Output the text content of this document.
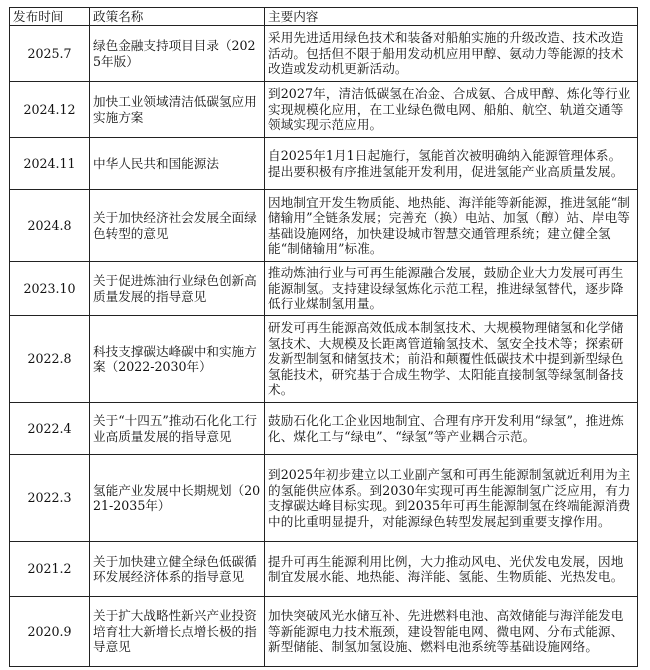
发布时间	政策名称	主要内容
2025.7	绿色金融支持项目目录（2025年版）	采用先进适用绿色技术和装备对船舶实施的升级改造、技术改造活动。包括但不限于船用发动机应用甲醇、氨动力等能源的技术改造或发动机更新活动。
2024.12	加快工业领域清洁低碳氢应用实施方案	到2027年，清洁低碳氢在冶金、合成氨、合成甲醇、炼化等行业实现规模化应用，在工业绿色微电网、船舶、航空、轨道交通等领域实现示范应用。
2024.11	中华人民共和国能源法	自2025年1月1日起施行，氢能首次被明确纳入能源管理体系。提出要积极有序推进氢能开发利用，促进氢能产业高质量发展。
2024.8	关于加快经济社会发展全面绿色转型的意见	因地制宜开发生物质能、地热能、海洋能等新能源，推进氢能“制储输用”全链条发展；完善充（换）电站、加氢（醇）站、岸电等基础设施网络，加快建设城市智慧交通管理系统；建立健全氢能“制储输用”标准。
2023.10	关于促进炼油行业绿色创新高质量发展的指导意见	推动炼油行业与可再生能源融合发展，鼓励企业大力发展可再生能源制氢。支持建设绿氢炼化示范工程，推进绿氢替代，逐步降低行业煤制氢用量。
2022.8	科技支撑碳达峰碳中和实施方案（2022-2030年）	研发可再生能源高效低成本制氢技术、大规模物理储氢和化学储氢技术、大规模及长距离管道输氢技术、氢安全技术等；探索研发新型制氢和储氢技术；前沿和颠覆性低碳技术中提到新型绿色氢能技术，研究基于合成生物学、太阳能直接制氢等绿氢制备技术。
2022.4	关于“十四五”推动石化化工行业高质量发展的指导意见	鼓励石化化工企业因地制宜、合理有序开发利用“绿氢”，推进炼化、煤化工与“绿电”、“绿氢”等产业耦合示范。
2022.3	氢能产业发展中长期规划（2021-2035年）	到2025年初步建立以工业副产氢和可再生能源制氢就近利用为主的氢能供应体系。到2030年实现可再生能源制氢广泛应用，有力支撑碳达峰目标实现。到2035年可再生能源制氢在终端能源消费中的比重明显提升，对能源绿色转型发展起到重要支撑作用。
2021.2	关于加快建立健全绿色低碳循环发展经济体系的指导意见	提升可再生能源利用比例，大力推动风电、光伏发电发展，因地制宜发展水能、地热能、海洋能、氢能、生物质能、光热发电。
2020.9	关于扩大战略性新兴产业投资培育壮大新增长点增长极的指导意见	加快突破风光水储互补、先进燃料电池、高效储能与海洋能发电等新能源电力技术瓶颈，建设智能电网、微电网、分布式能源、新型储能、制氢加氢设施、燃料电池系统等基础设施网络。
